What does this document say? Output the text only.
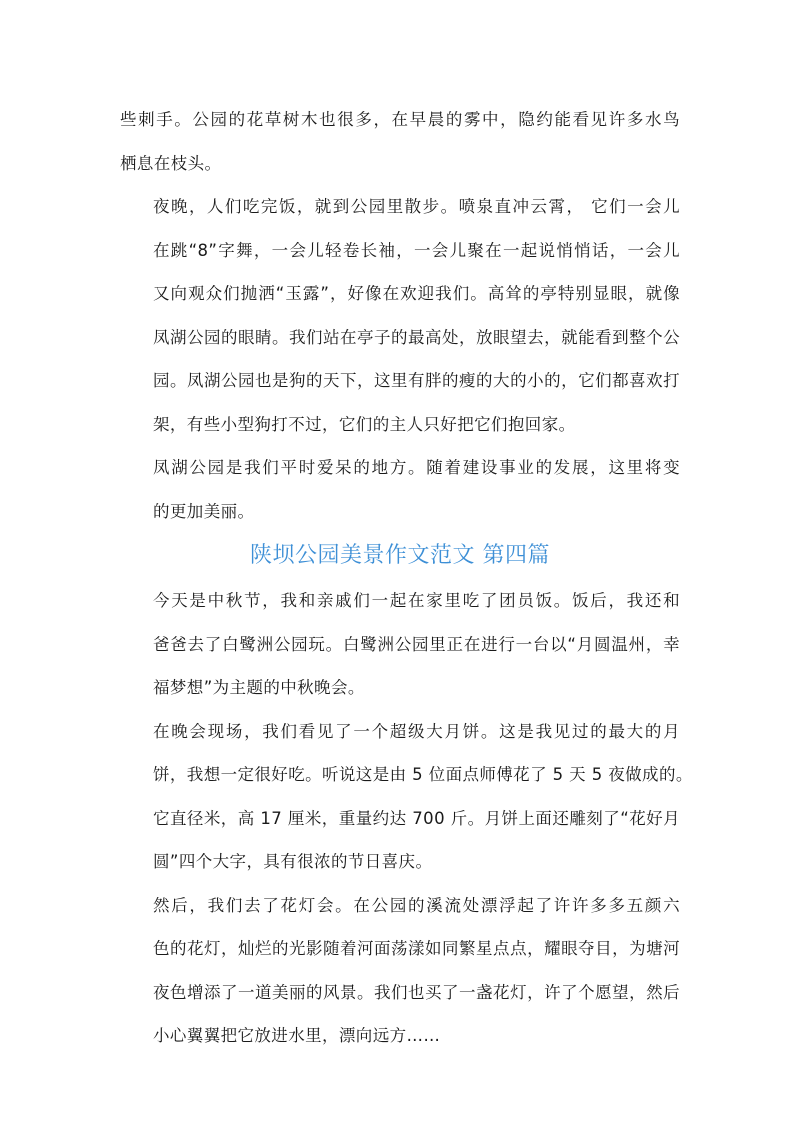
些刺手。公园的花草树木也很多，在早晨的雾中，隐约能看见许多水鸟
栖息在枝头。
夜晚，人们吃完饭，就到公园里散步。喷泉直冲云霄， 它们一会儿
在跳“8”字舞，一会儿轻卷长袖，一会儿聚在一起说悄悄话，一会儿
又向观众们抛洒“玉露”，好像在欢迎我们。高耸的亭特别显眼，就像
凤湖公园的眼睛。我们站在亭子的最高处，放眼望去，就能看到整个公
园。凤湖公园也是狗的天下，这里有胖的瘦的大的小的，它们都喜欢打
架，有些小型狗打不过，它们的主人只好把它们抱回家。
凤湖公园是我们平时爱呆的地方。随着建设事业的发展，这里将变
的更加美丽。
陕坝公园美景作文范文 第四篇
今天是中秋节，我和亲戚们一起在家里吃了团员饭。饭后，我还和
爸爸去了白鹭洲公园玩。白鹭洲公园里正在进行一台以“月圆温州，幸
福梦想”为主题的中秋晚会。
在晚会现场，我们看见了一个超级大月饼。这是我见过的最大的月
饼，我想一定很好吃。听说这是由 5 位面点师傅花了 5 天 5 夜做成的。
它直径米，高 17 厘米，重量约达 700 斤。月饼上面还雕刻了“花好月
圆”四个大字，具有很浓的节日喜庆。
然后，我们去了花灯会。在公园的溪流处漂浮起了许许多多五颜六
色的花灯，灿烂的光影随着河面荡漾如同繁星点点，耀眼夺目，为塘河
夜色增添了一道美丽的风景。我们也买了一盏花灯，许了个愿望，然后
小心翼翼把它放进水里，漂向远方……
